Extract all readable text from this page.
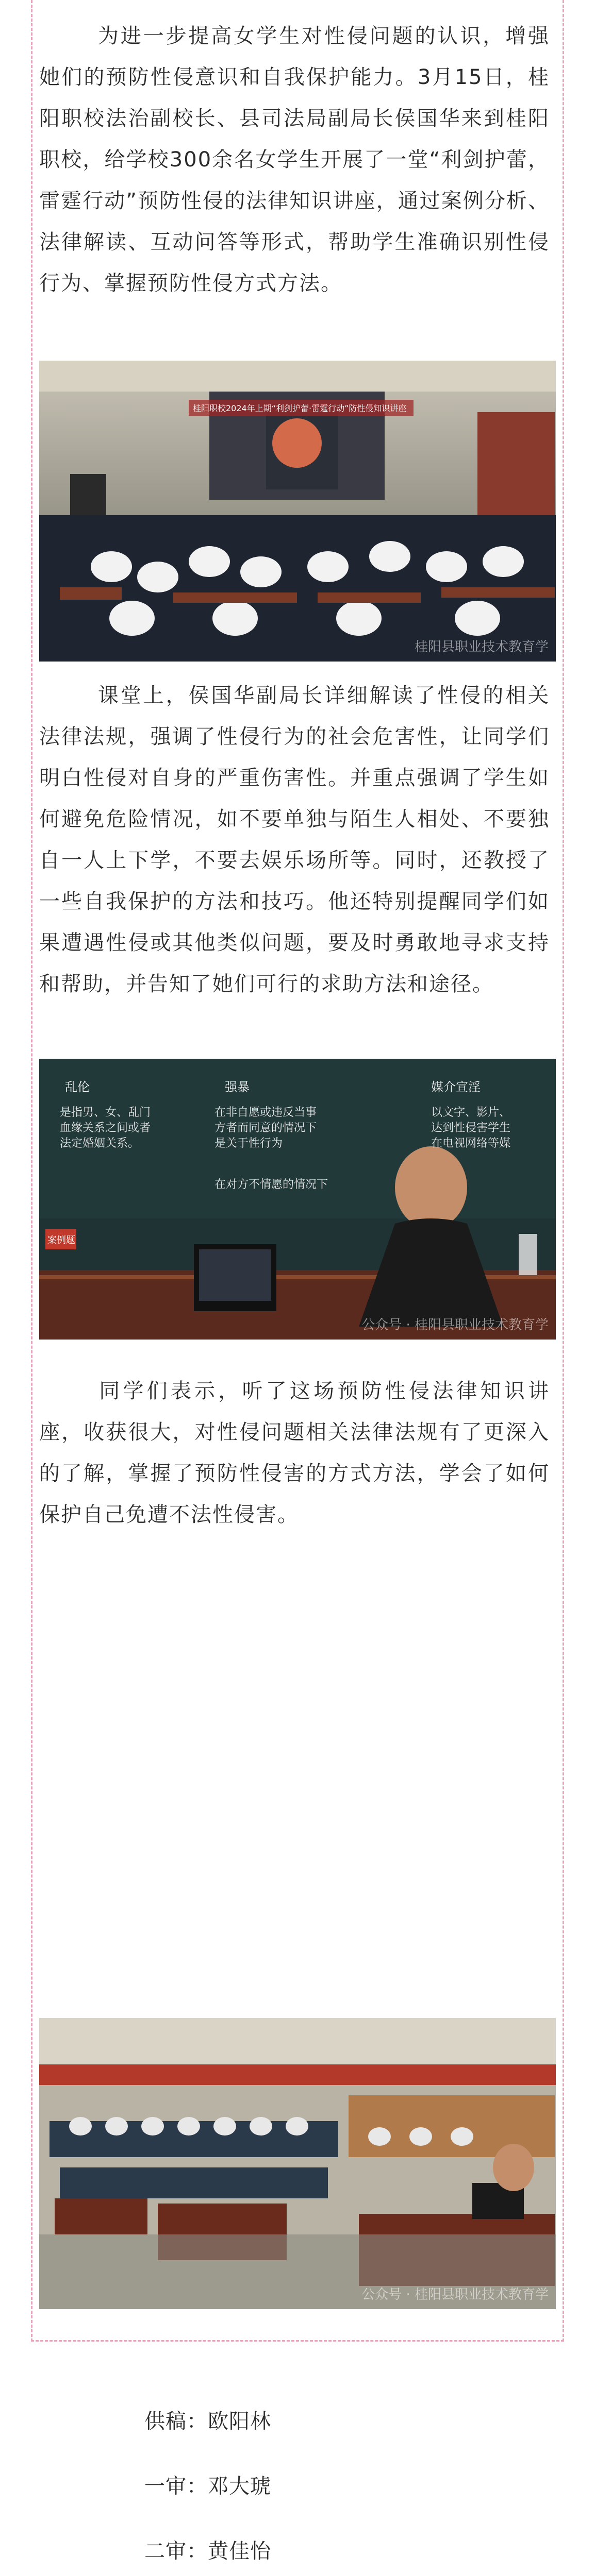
为进一步提高女学生对性侵问题的认识，增强她们的预防性侵意识和自我保护能力。3月15日，桂阳职校法治副校长、县司法局副局长侯国华来到桂阳职校，给学校300余名女学生开展了一堂“利剑护蕾，雷霆行动”预防性侵的法律知识讲座，通过案例分析、法律解读、互动问答等形式，帮助学生准确识别性侵行为、掌握预防性侵方式方法。

桂阳职校2024年上期“利剑护蕾·雷霆行动”防性侵知识讲座
桂阳县职业技术教育学

课堂上，侯国华副局长详细解读了性侵的相关法律法规，强调了性侵行为的社会危害性，让同学们明白性侵对自身的严重伤害性。并重点强调了学生如何避免危险情况，如不要单独与陌生人相处、不要独自一人上下学，不要去娱乐场所等。同时，还教授了一些自我保护的方法和技巧。他还特别提醒同学们如果遭遇性侵或其他类似问题，要及时勇敢地寻求支持和帮助，并告知了她们可行的求助方法和途径。

乱伦	强暴	媒介宣淫
是指男、女、乱门
血缘关系之间或者
法定婚姻关系。
在非自愿或违反当事
方者而同意的情况下
是关于性行为
在对方不情愿的情况下
以文字、影片、
达到性侵害学生
在电视网络等媒
案例题
公众号 · 桂阳县职业技术教育学

同学们表示，听了这场预防性侵法律知识讲座，收获很大，对性侵问题相关法律法规有了更深入的了解，掌握了预防性侵害的方式方法，学会了如何保护自己免遭不法性侵害。

公众号 · 桂阳县职业技术教育学
供稿：欧阳林
一审：邓大琥
二审：黄佳怡
